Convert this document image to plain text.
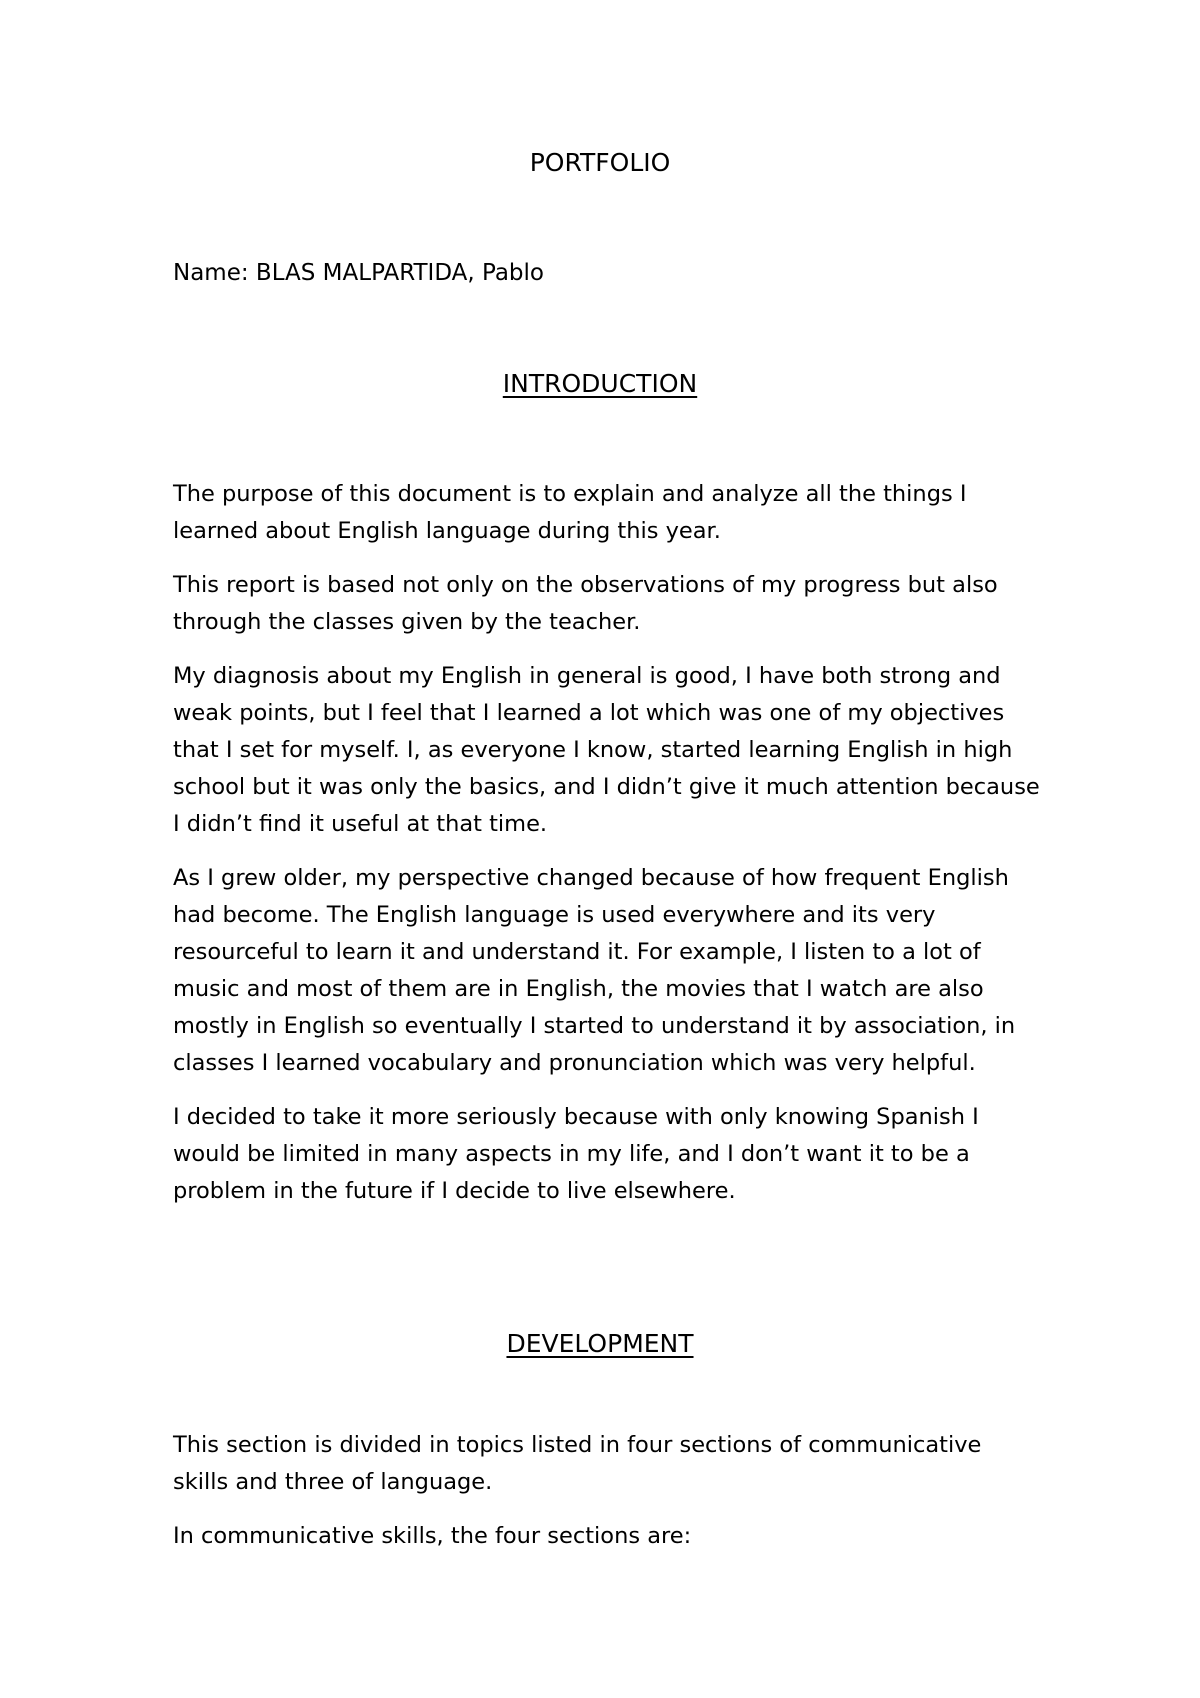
PORTFOLIO
Name: BLAS MALPARTIDA, Pablo
INTRODUCTION

The purpose of this document is to explain and analyze all the things I learned about English language during this year.

This report is based not only on the observations of my progress but also through the classes given by the teacher.

My diagnosis about my English in general is good, I have both strong and weak points, but I feel that I learned a lot which was one of my objectives that I set for myself. I, as everyone I know, started learning English in high school but it was only the basics, and I didn’t give it much attention because I didn’t find it useful at that time.

As I grew older, my perspective changed because of how frequent English had become. The English language is used everywhere and its very resourceful to learn it and understand it. For example, I listen to a lot of music and most of them are in English, the movies that I watch are also mostly in English so eventually I started to understand it by association, in classes I learned vocabulary and pronunciation which was very helpful.

I decided to take it more seriously because with only knowing Spanish I would be limited in many aspects in my life, and I don’t want it to be a problem in the future if I decide to live elsewhere.

DEVELOPMENT

This section is divided in topics listed in four sections of communicative skills and three of language.

In communicative skills, the four sections are:
